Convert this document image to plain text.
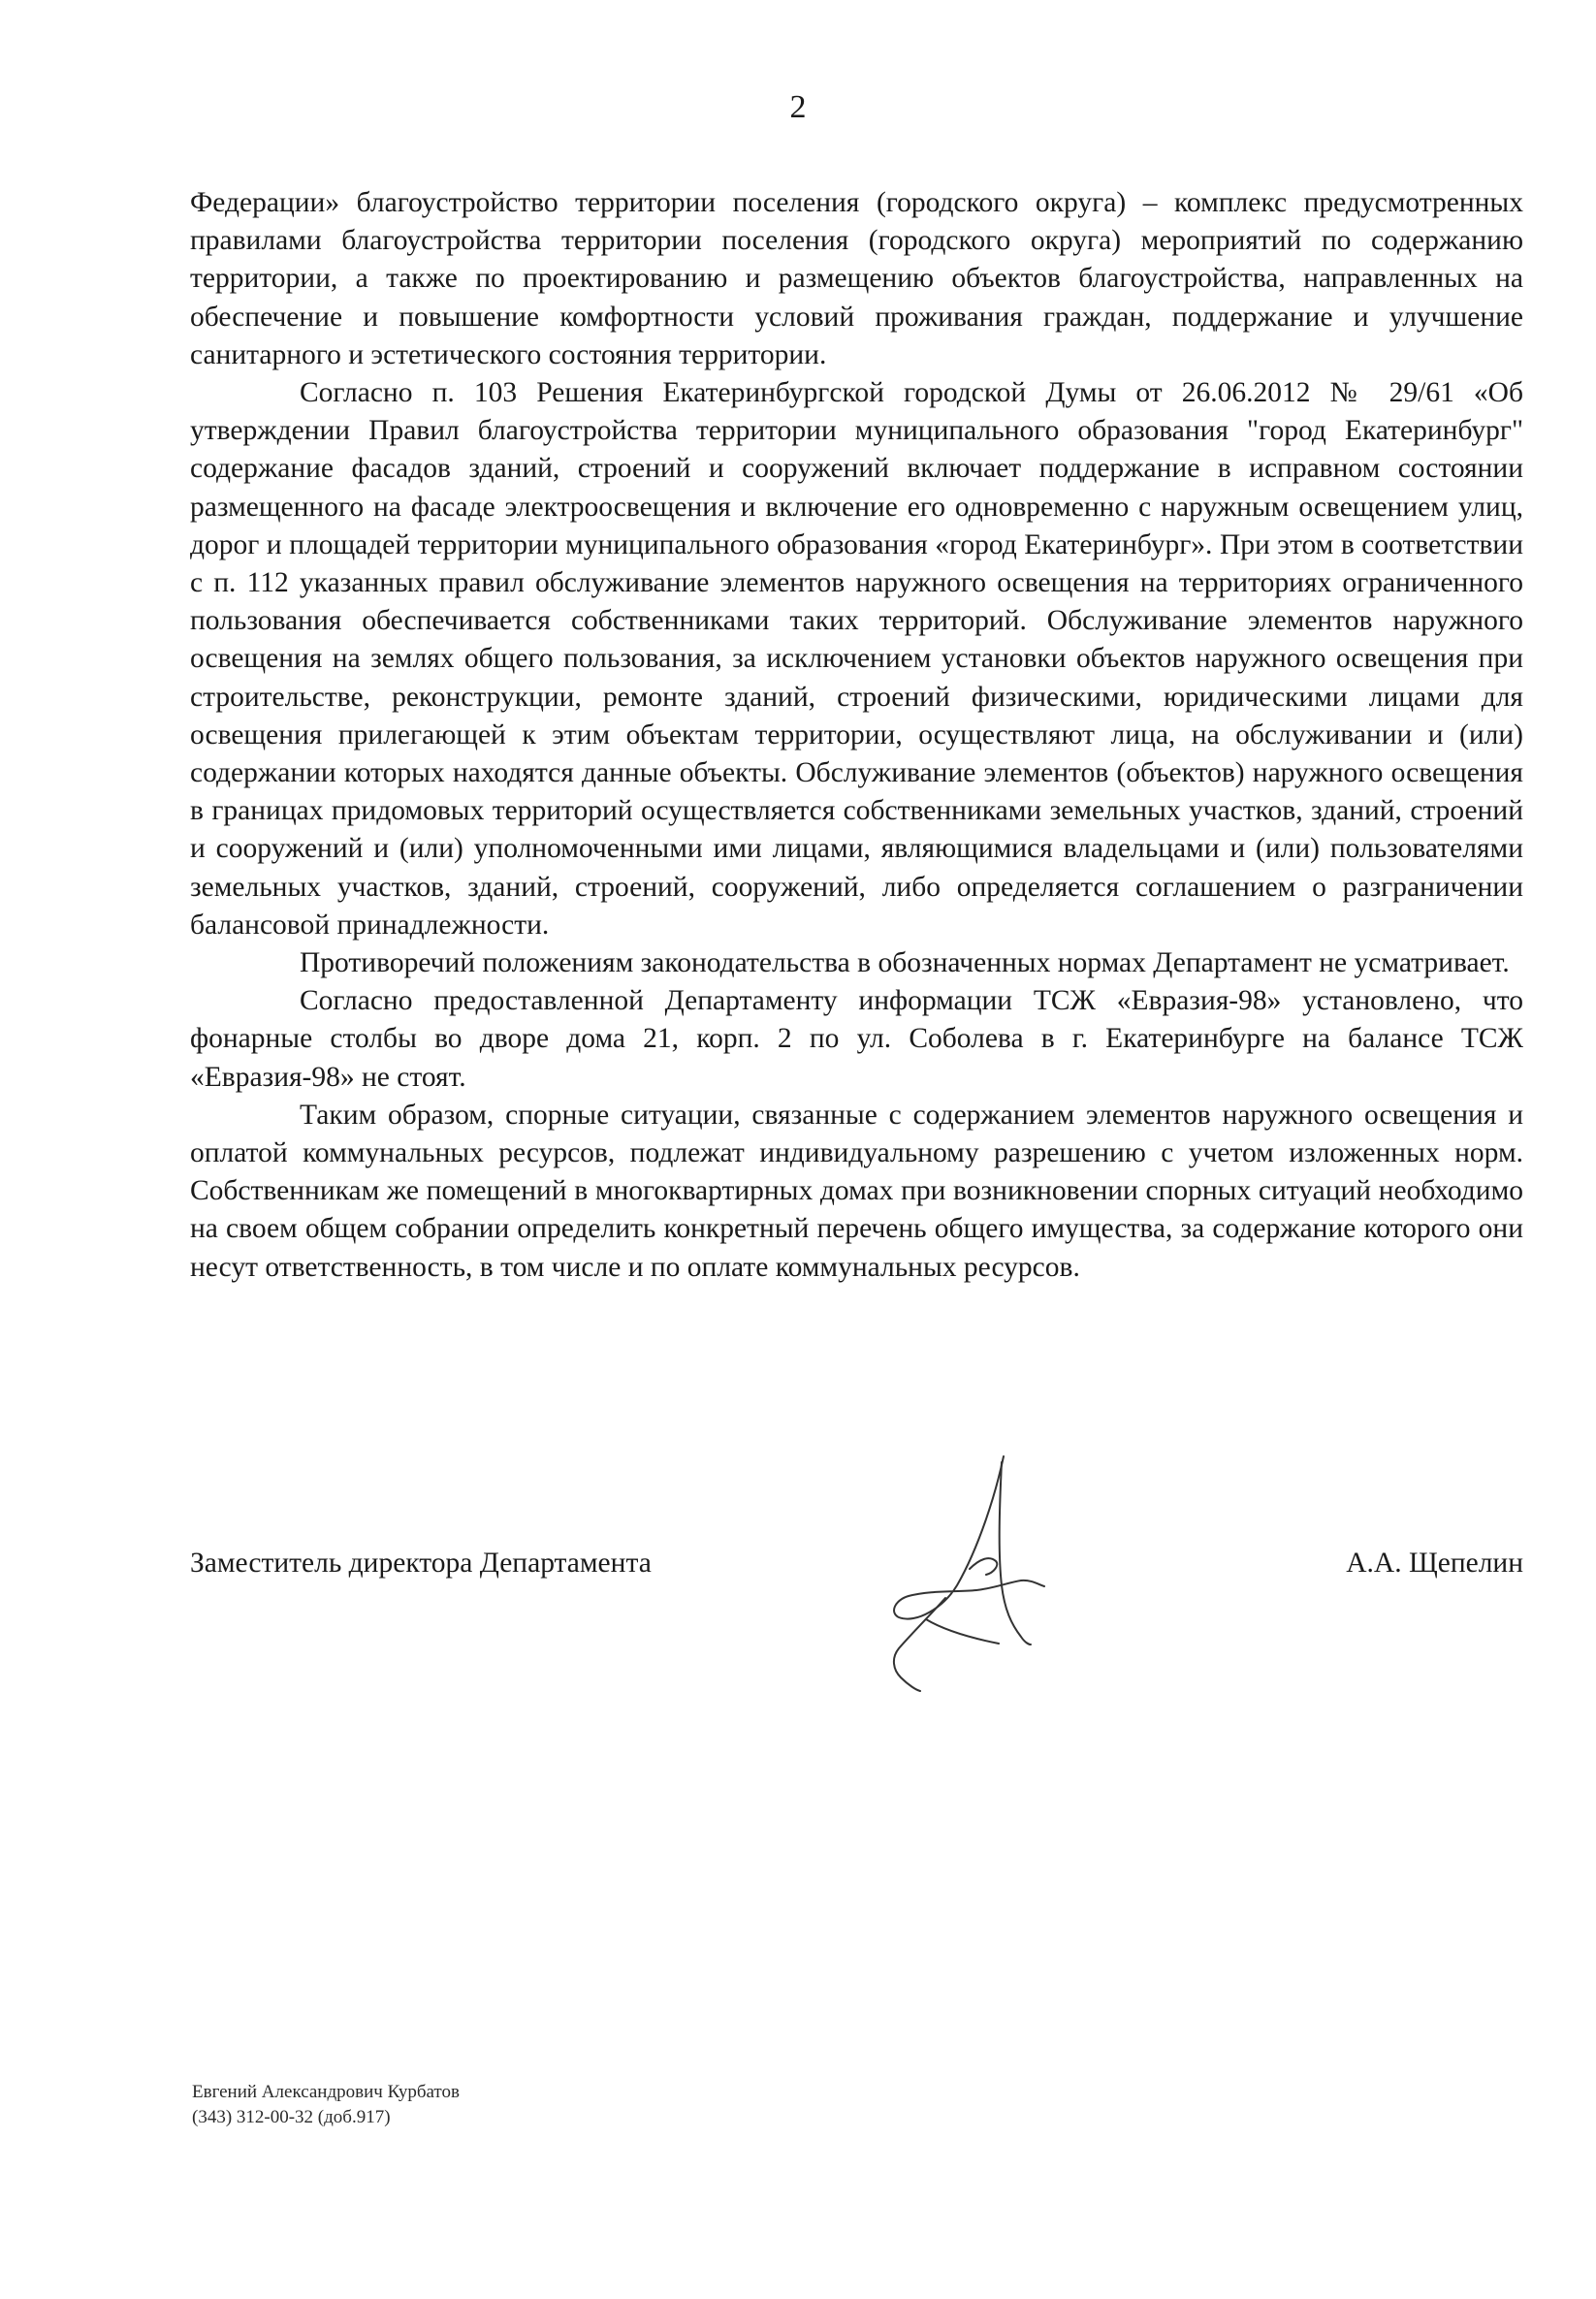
2

Федерации» благоустройство территории поселения (городского округа) – комплекс предусмотренных правилами благоустройства территории поселения (городского округа) мероприятий по содержанию территории, а также по проектированию и размещению объектов благоустройства, направленных на обеспечение и повышение комфортности условий проживания граждан, поддержание и улучшение санитарного и эстетического состояния территории.

Согласно п. 103 Решения Екатеринбургской городской Думы от 26.06.2012 № 29/61 «Об утверждении Правил благоустройства территории муниципального образования "город Екатеринбург" содержание фасадов зданий, строений и сооружений включает поддержание в исправном состоянии размещенного на фасаде электроосвещения и включение его одновременно с наружным освещением улиц, дорог и площадей территории муниципального образования «город Екатеринбург». При этом в соответствии с п. 112 указанных правил обслуживание элементов наружного освещения на территориях ограниченного пользования обеспечивается собственниками таких территорий. Обслуживание элементов наружного освещения на землях общего пользования, за исключением установки объектов наружного освещения при строительстве, реконструкции, ремонте зданий, строений физическими, юридическими лицами для освещения прилегающей к этим объектам территории, осуществляют лица, на обслуживании и (или) содержании которых находятся данные объекты. Обслуживание элементов (объектов) наружного освещения в границах придомовых территорий осуществляется собственниками земельных участков, зданий, строений и сооружений и (или) уполномоченными ими лицами, являющимися владельцами и (или) пользователями земельных участков, зданий, строений, сооружений, либо определяется соглашением о разграничении балансовой принадлежности.

Противоречий положениям законодательства в обозначенных нормах Департамент не усматривает.

Согласно предоставленной Департаменту информации ТСЖ «Евразия-98» установлено, что фонарные столбы во дворе дома 21, корп. 2 по ул. Соболева в г. Екатеринбурге на балансе ТСЖ «Евразия-98» не стоят.

Таким образом, спорные ситуации, связанные с содержанием элементов наружного освещения и оплатой коммунальных ресурсов, подлежат индивидуальному разрешению с учетом изложенных норм. Собственникам же помещений в многоквартирных домах при возникновении спорных ситуаций необходимо на своем общем собрании определить конкретный перечень общего имущества, за содержание которого они несут ответственность, в том числе и по оплате коммунальных ресурсов.

Заместитель директора Департамента	А.А. Щепелин
Евгений Александрович Курбатов
(343) 312-00-32 (доб.917)
